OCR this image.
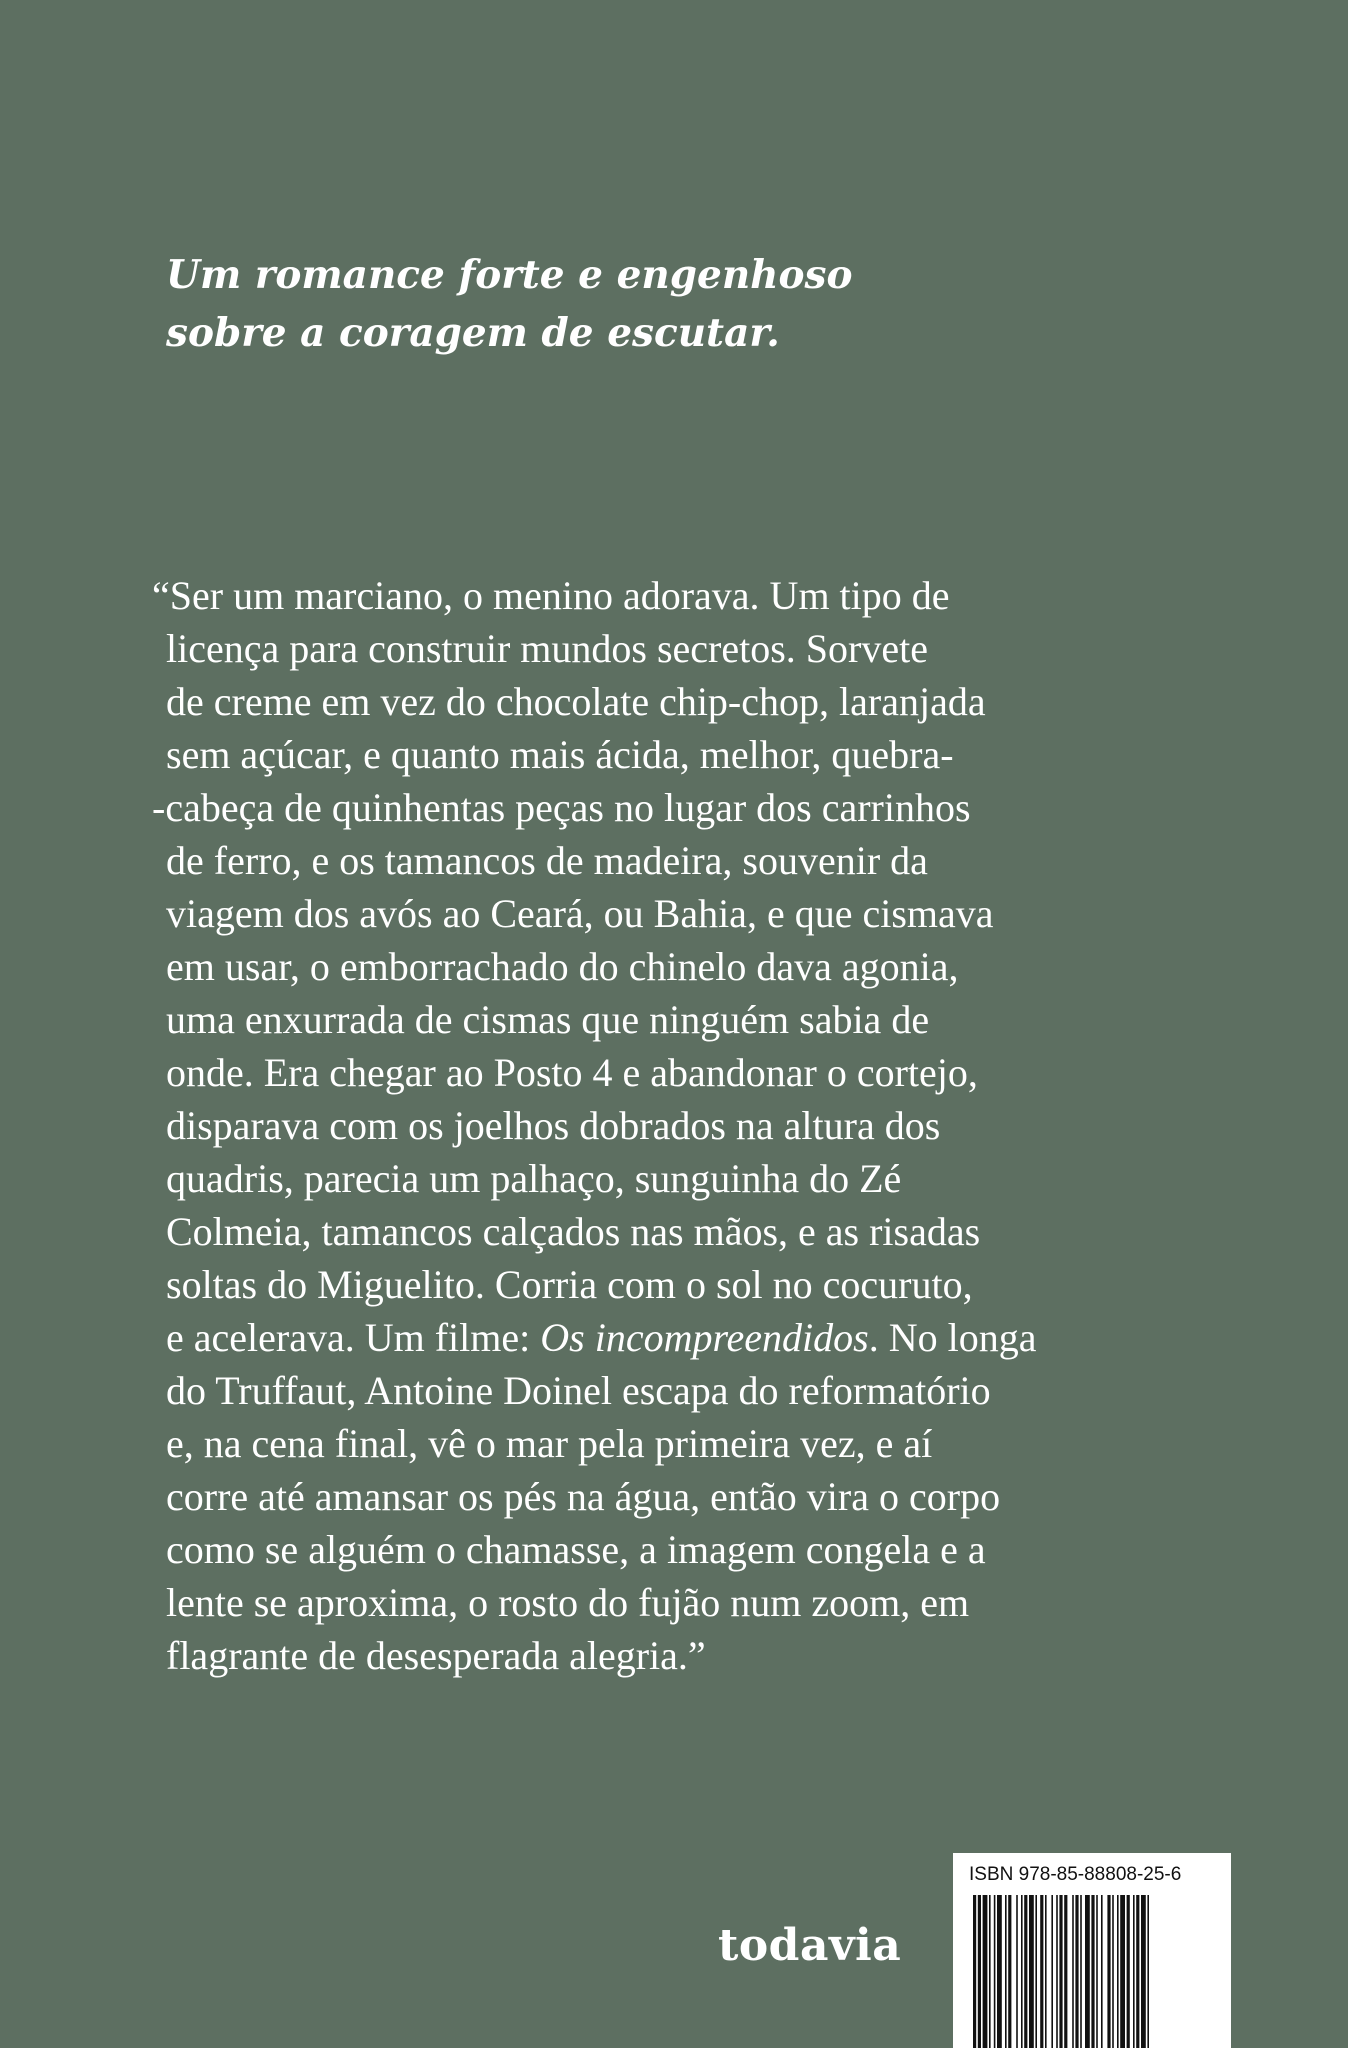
Um romance forte e engenhoso
sobre a coragem de escutar.
“Ser um marciano, o menino adorava. Um tipo de
licença para construir mundos secretos. Sorvete
de creme em vez do chocolate chip-chop, laranjada
sem açúcar, e quanto mais ácida, melhor, quebra-
-cabeça de quinhentas peças no lugar dos carrinhos
de ferro, e os tamancos de madeira, souvenir da
viagem dos avós ao Ceará, ou Bahia, e que cismava
em usar, o emborrachado do chinelo dava agonia,
uma enxurrada de cismas que ninguém sabia de
onde. Era chegar ao Posto 4 e abandonar o cortejo,
disparava com os joelhos dobrados na altura dos
quadris, parecia um palhaço, sunguinha do Zé
Colmeia, tamancos calçados nas mãos, e as risadas
soltas do Miguelito. Corria com o sol no cocuruto,
e acelerava. Um filme: Os incompreendidos. No longa
do Truffaut, Antoine Doinel escapa do reformatório
e, na cena final, vê o mar pela primeira vez, e aí
corre até amansar os pés na água, então vira o corpo
como se alguém o chamasse, a imagem congela e a
lente se aproxima, o rosto do fujão num zoom, em
flagrante de desesperada alegria.”
todavia
ISBN 978-85-88808-25-6
